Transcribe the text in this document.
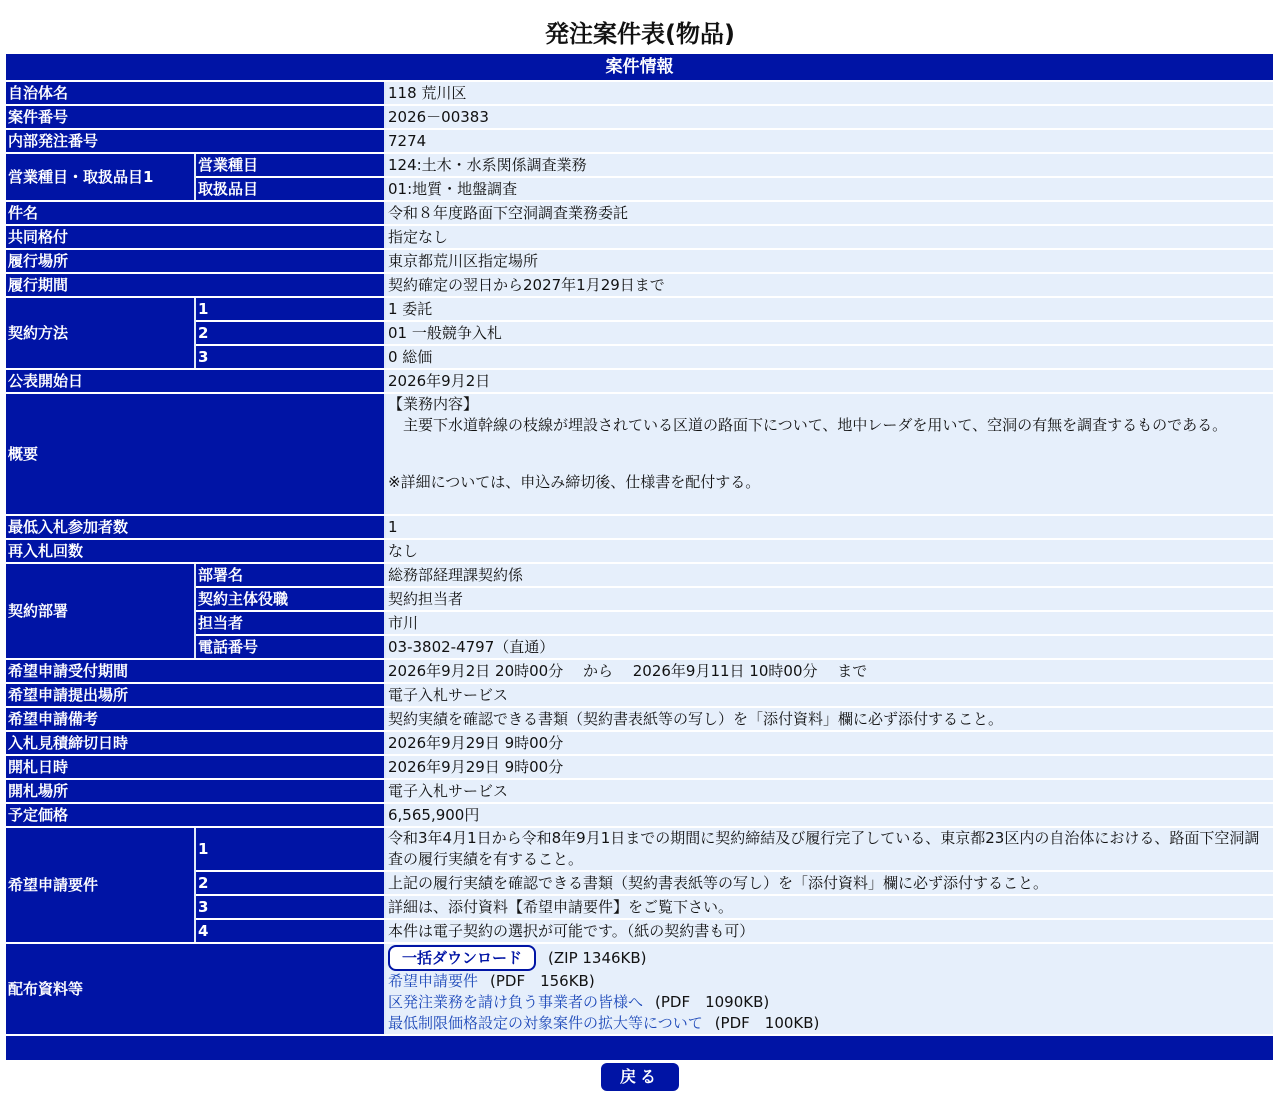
発注案件表(物品)
案件情報		
自治体名		118 荒川区
案件番号		2026－00383
内部発注番号		7274
営業種目・取扱品目1	営業種目	124:土木・水系関係調査業務
	取扱品目	01:地質・地盤調査
件名		令和８年度路面下空洞調査業務委託
共同格付		指定なし
履行場所		東京都荒川区指定場所
履行期間		契約確定の翌日から2027年1月29日まで
契約方法	1	1 委託
	2	01 一般競争入札
	3	0 総価
公表開始日		2026年9月2日
概要		【業務内容】
　主要下水道幹線の枝線が埋設されている区道の路面下について、地中レーダを用いて、空洞の有無を調査するものである。
※詳細については、申込み締切後、仕様書を配付する。

最低入札参加者数		1
再入札回数		なし
契約部署	部署名	総務部経理課契約係
	契約主体役職	契約担当者
	担当者	市川
	電話番号	03-3802-4797（直通）
希望申請受付期間		2026年9月2日 20時00分　 から　 2026年9月11日 10時00分　 まで
希望申請提出場所		電子入札サービス
希望申請備考		契約実績を確認できる書類（契約書表紙等の写し）を「添付資料」欄に必ず添付すること。
入札見積締切日時		2026年9月29日 9時00分
開札日時		2026年9月29日 9時00分
開札場所		電子入札サービス
予定価格		6,565,900円
希望申請要件	1	令和3年4月1日から令和8年9月1日までの期間に契約締結及び履行完了している、東京都23区内の自治体における、路面下空洞調査の履行実績を有すること。
	2	上記の履行実績を確認できる書類（契約書表紙等の写し）を「添付資料」欄に必ず添付すること。
	3	詳細は、添付資料【希望申請要件】をご覧下さい。
	4	本件は電子契約の選択が可能です。（紙の契約書も可）
配布資料等		一括ダウンロード (ZIP 1346KB)
希望申請要件 (PDF　156KB)
区発注業務を請け負う事業者の皆様へ (PDF　1090KB)
最低制限価格設定の対象案件の拡大等について (PDF　100KB)
戻る
